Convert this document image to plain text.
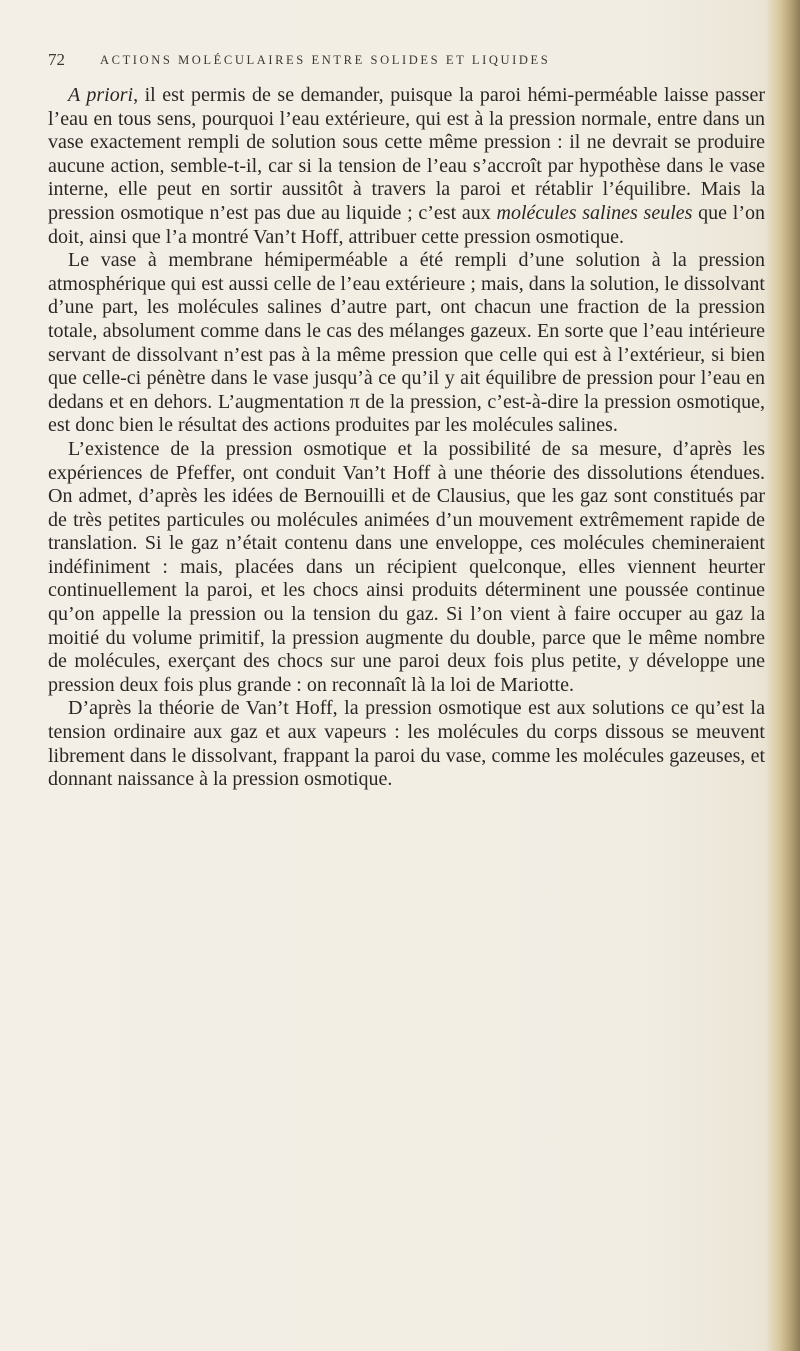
72	ACTIONS MOLÉCULAIRES ENTRE SOLIDES ET LIQUIDES

A priori, il est permis de se demander, puisque la paroi hémi-perméable laisse passer l’eau en tous sens, pourquoi l’eau extérieure, qui est à la pression normale, entre dans un vase exactement rempli de solution sous cette même pression : il ne devrait se produire aucune action, semble-t-il, car si la tension de l’eau s’accroît par hypothèse dans le vase interne, elle peut en sortir aussitôt à travers la paroi et rétablir l’équilibre. Mais la pression osmotique n’est pas due au liquide ; c’est aux molécules salines seules que l’on doit, ainsi que l’a montré Van’t Hoff, attribuer cette pression osmotique.

Le vase à membrane hémiperméable a été rempli d’une solution à la pression atmosphérique qui est aussi celle de l’eau extérieure ; mais, dans la solution, le dissolvant d’une part, les molécules salines d’autre part, ont chacun une fraction de la pression totale, absolument comme dans le cas des mélanges gazeux. En sorte que l’eau intérieure servant de dissolvant n’est pas à la même pression que celle qui est à l’extérieur, si bien que celle-ci pénètre dans le vase jusqu’à ce qu’il y ait équilibre de pression pour l’eau en dedans et en dehors. L’augmentation π de la pression, c’est-à-dire la pression osmotique, est donc bien le résultat des actions produites par les molécules salines.

L’existence de la pression osmotique et la possibilité de sa mesure, d’après les expériences de Pfeffer, ont conduit Van’t Hoff à une théorie des dissolutions étendues. On admet, d’après les idées de Bernouilli et de Clausius, que les gaz sont constitués par de très petites particules ou molécules animées d’un mouvement extrêmement rapide de translation. Si le gaz n’était contenu dans une enveloppe, ces molécules chemineraient indéfiniment : mais, placées dans un récipient quelconque, elles viennent heurter continuellement la paroi, et les chocs ainsi produits déterminent une poussée continue qu’on appelle la pression ou la tension du gaz. Si l’on vient à faire occuper au gaz la moitié du volume primitif, la pression augmente du double, parce que le même nombre de molécules, exerçant des chocs sur une paroi deux fois plus petite, y développe une pression deux fois plus grande : on reconnaît là la loi de Mariotte.

D’après la théorie de Van’t Hoff, la pression osmotique est aux solutions ce qu’est la tension ordinaire aux gaz et aux vapeurs : les molécules du corps dissous se meuvent librement dans le dissolvant, frappant la paroi du vase, comme les molécules gazeuses, et donnant naissance à la pression osmotique.
